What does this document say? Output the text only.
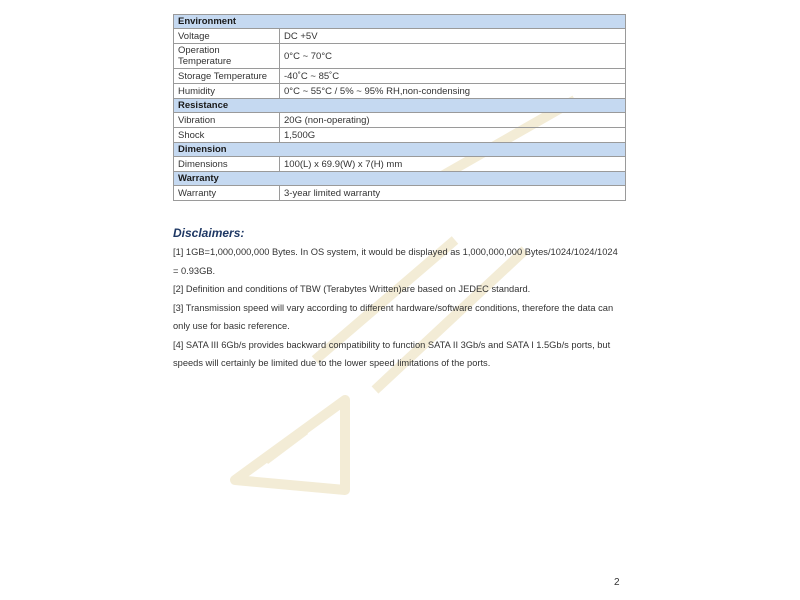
Environment	
Voltage	DC +5V
Operation Temperature	0°C ~ 70°C
Storage Temperature	-40˚C ~ 85˚C
Humidity	0°C ~ 55°C / 5% ~ 95% RH,non-condensing
Resistance	
Vibration	20G (non-operating)
Shock	1,500G
Dimension	
Dimensions	100(L) x 69.9(W) x 7(H) mm
Warranty	
Warranty	3-year limited warranty
Disclaimers:

[1] 1GB=1,000,000,000 Bytes. In OS system, it would be displayed as 1,000,000,000 Bytes/1024/1024/1024 = 0.93GB.

[2] Definition and conditions of TBW (Terabytes Written)are based on JEDEC standard.

[3] Transmission speed will vary according to different hardware/software conditions, therefore the data can only use for basic reference.

[4] SATA III 6Gb/s provides backward compatibility to function SATA II 3Gb/s and SATA I 1.5Gb/s ports, but speeds will certainly be limited due to the lower speed limitations of the ports.

2
